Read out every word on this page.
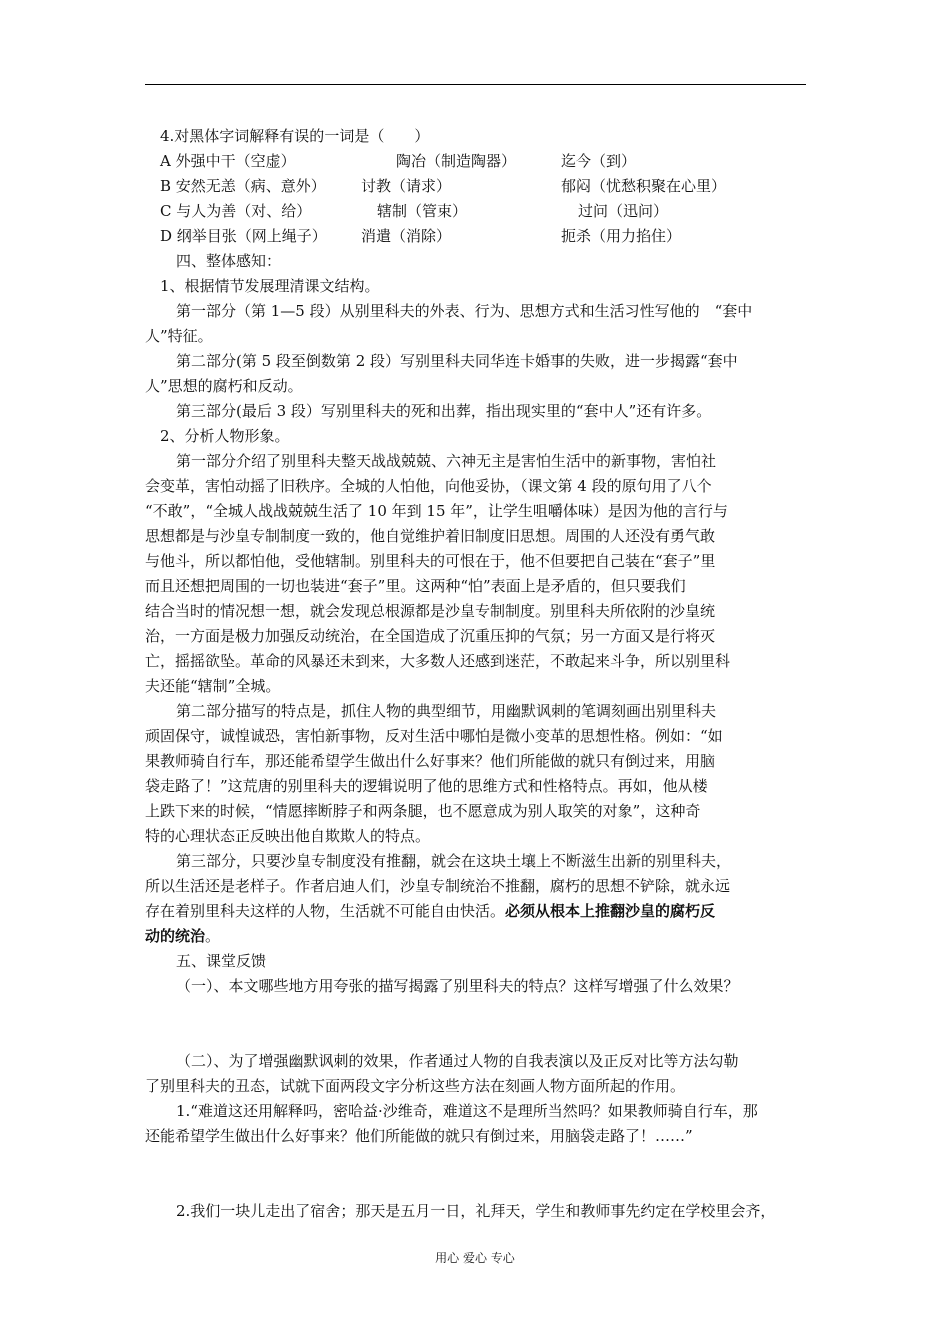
4.对黑体字词解释有误的一词是（　　）
A 外强中干（空虚）	陶冶（制造陶器）	迄今（到）
B 安然无恙（病、意外） 讨教（请求）	郁闷（忧愁积聚在心里）
C 与人为善（对、给）	辖制（管束）	过问（迅问）
D 纲举目张（网上绳子） 消遣（消除）	扼杀（用力掐住）
四、整体感知：
1、根据情节发展理清课文结构。
第一部分（第 1—5 段）从别里科夫的外表、行为、思想方式和生活习性写他的　“套中
人”特征。
第二部分(第 5 段至倒数第 2 段）写别里科夫同华连卡婚事的失败，进一步揭露“套中
人”思想的腐朽和反动。
第三部分(最后 3 段）写别里科夫的死和出葬，指出现实里的“套中人”还有许多。
2、分析人物形象。
第一部分介绍了别里科夫整天战战兢兢、六神无主是害怕生活中的新事物，害怕社
会变革，害怕动摇了旧秩序。全城的人怕他，向他妥协，（课文第 4 段的原句用了八个
“不敢”，“全城人战战兢兢生活了 10 年到 15 年”，让学生咀嚼体味）是因为他的言行与
思想都是与沙皇专制制度一致的，他自觉维护着旧制度旧思想。周围的人还没有勇气敢
与他斗，所以都怕他，受他辖制。别里科夫的可恨在于，他不但要把自己装在“套子”里
而且还想把周围的一切也装进“套子”里。这两种“怕”表面上是矛盾的，但只要我们
结合当时的情况想一想，就会发现总根源都是沙皇专制制度。别里科夫所依附的沙皇统
治，一方面是极力加强反动统治，在全国造成了沉重压抑的气氛；另一方面又是行将灭
亡，摇摇欲坠。革命的风暴还未到来，大多数人还感到迷茫，不敢起来斗争，所以别里科
夫还能“辖制”全城。
第二部分描写的特点是，抓住人物的典型细节，用幽默讽刺的笔调刻画出别里科夫
顽固保守，诚惶诚恐，害怕新事物，反对生活中哪怕是微小变革的思想性格。例如：“如
果教师骑自行车，那还能希望学生做出什么好事来？他们所能做的就只有倒过来，用脑
袋走路了！”这荒唐的别里科夫的逻辑说明了他的思维方式和性格特点。再如，他从楼
上跌下来的时候，“情愿摔断脖子和两条腿，也不愿意成为别人取笑的对象”，这种奇
特的心理状态正反映出他自欺欺人的特点。
第三部分，只要沙皇专制度没有推翻，就会在这块土壤上不断滋生出新的别里科夫，
所以生活还是老样子。作者启迪人们，沙皇专制统治不推翻，腐朽的思想不铲除，就永远
存在着别里科夫这样的人物，生活就不可能自由快活。必须从根本上推翻沙皇的腐朽反
动的统治。
五、课堂反馈
（一）、本文哪些地方用夸张的描写揭露了别里科夫的特点？这样写增强了什么效果？
（二）、为了增强幽默讽刺的效果，作者通过人物的自我表演以及正反对比等方法勾勒
了别里科夫的丑态，试就下面两段文字分析这些方法在刻画人物方面所起的作用。
1.“难道这还用解释吗，密哈益·沙维奇，难道这不是理所当然吗？如果教师骑自行车，那
还能希望学生做出什么好事来？他们所能做的就只有倒过来，用脑袋走路了！……”
2.我们一块儿走出了宿舍；那天是五月一日，礼拜天，学生和教师事先约定在学校里会齐，
用心 爱心 专心
